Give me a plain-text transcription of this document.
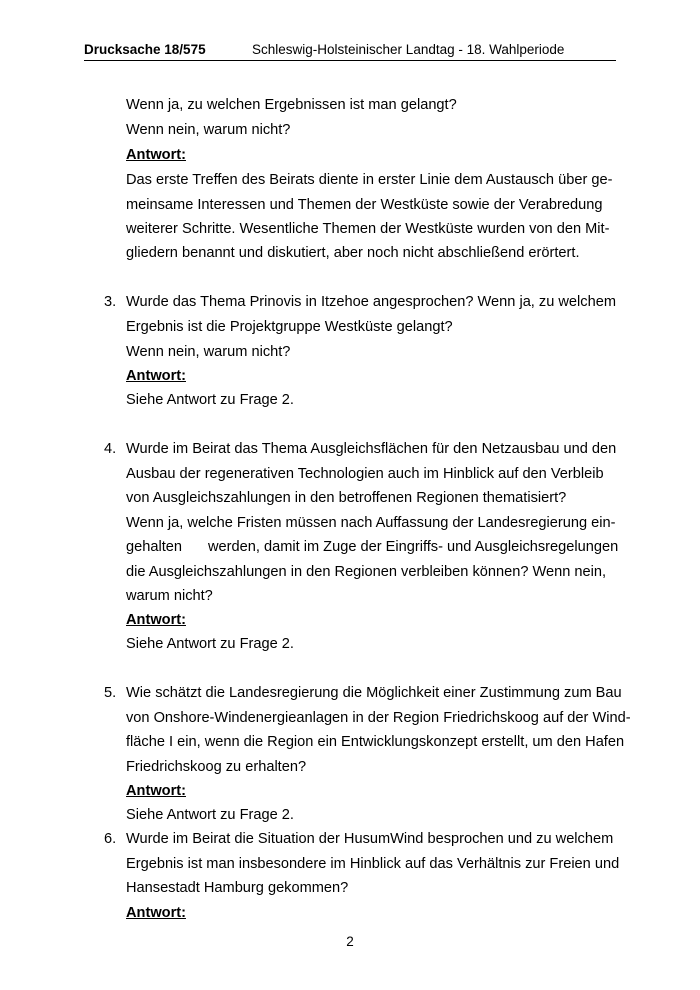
Drucksache 18/575	Schleswig-Holsteinischer Landtag - 18. Wahlperiode
Wenn ja, zu welchen Ergebnissen ist man gelangt?
Wenn nein, warum nicht?
Antwort:
Das erste Treffen des Beirats diente in erster Linie dem Austausch über ge-
meinsame Interessen und Themen der Westküste sowie der Verabredung
weiterer Schritte. Wesentliche Themen der Westküste wurden von den Mit-
gliedern benannt und diskutiert, aber noch nicht abschließend erörtert.
3. Wurde das Thema Prinovis in Itzehoe angesprochen? Wenn ja, zu welchem
Ergebnis ist die Projektgruppe Westküste gelangt?
Wenn nein, warum nicht?
Antwort:
Siehe Antwort zu Frage 2.
4. Wurde im Beirat das Thema Ausgleichsflächen für den Netzausbau und den
Ausbau der regenerativen Technologien auch im Hinblick auf den Verbleib
von Ausgleichszahlungen in den betroffenen Regionen thematisiert?
Wenn ja, welche Fristen müssen nach Auffassung der Landesregierung ein-
gehalten werden, damit im Zuge der Eingriffs- und Ausgleichsregelungen
die Ausgleichszahlungen in den Regionen verbleiben können? Wenn nein,
warum nicht?
Antwort:
Siehe Antwort zu Frage 2.
5. Wie schätzt die Landesregierung die Möglichkeit einer Zustimmung zum Bau
von Onshore-Windenergieanlagen in der Region Friedrichskoog auf der Wind-
fläche I ein, wenn die Region ein Entwicklungskonzept erstellt, um den Hafen
Friedrichskoog zu erhalten?
Antwort:
Siehe Antwort zu Frage 2.
6. Wurde im Beirat die Situation der HusumWind besprochen und zu welchem
Ergebnis ist man insbesondere im Hinblick auf das Verhältnis zur Freien und
Hansestadt Hamburg gekommen?
Antwort:
2
